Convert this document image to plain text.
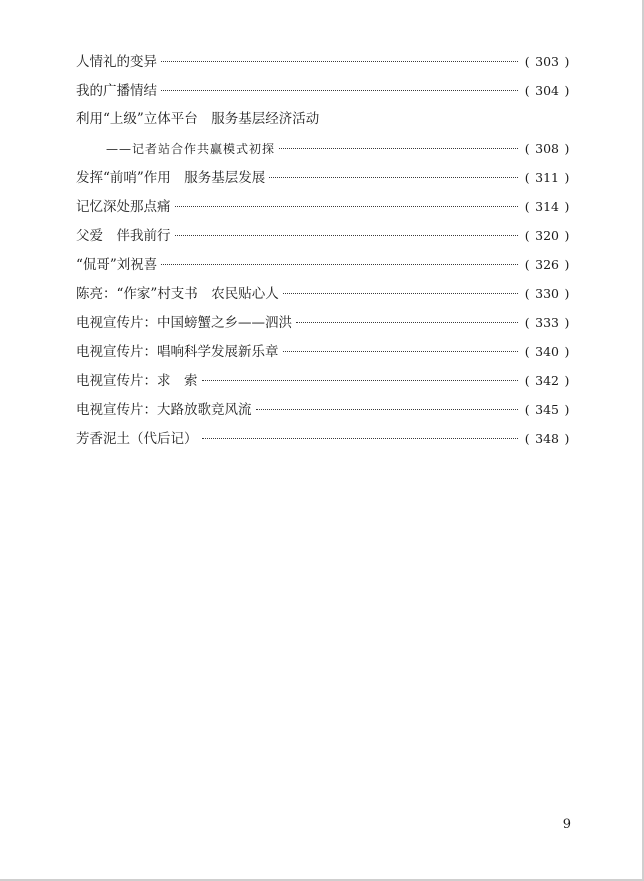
人情礼的变异	( 303 )
我的广播情结	( 304 )
利用“上级”立体平台　服务基层经济活动
——记者站合作共赢模式初探	( 308 )
发挥“前哨”作用　服务基层发展	( 311 )
记忆深处那点痛	( 314 )
父爱　伴我前行	( 320 )
“侃哥”刘祝喜	( 326 )
陈亮：“作家”村支书　农民贴心人	( 330 )
电视宣传片：中国螃蟹之乡——泗洪	( 333 )
电视宣传片：唱响科学发展新乐章	( 340 )
电视宣传片：求　索	( 342 )
电视宣传片：大路放歌竞风流	( 345 )
芳香泥土（代后记）	( 348 )
9
